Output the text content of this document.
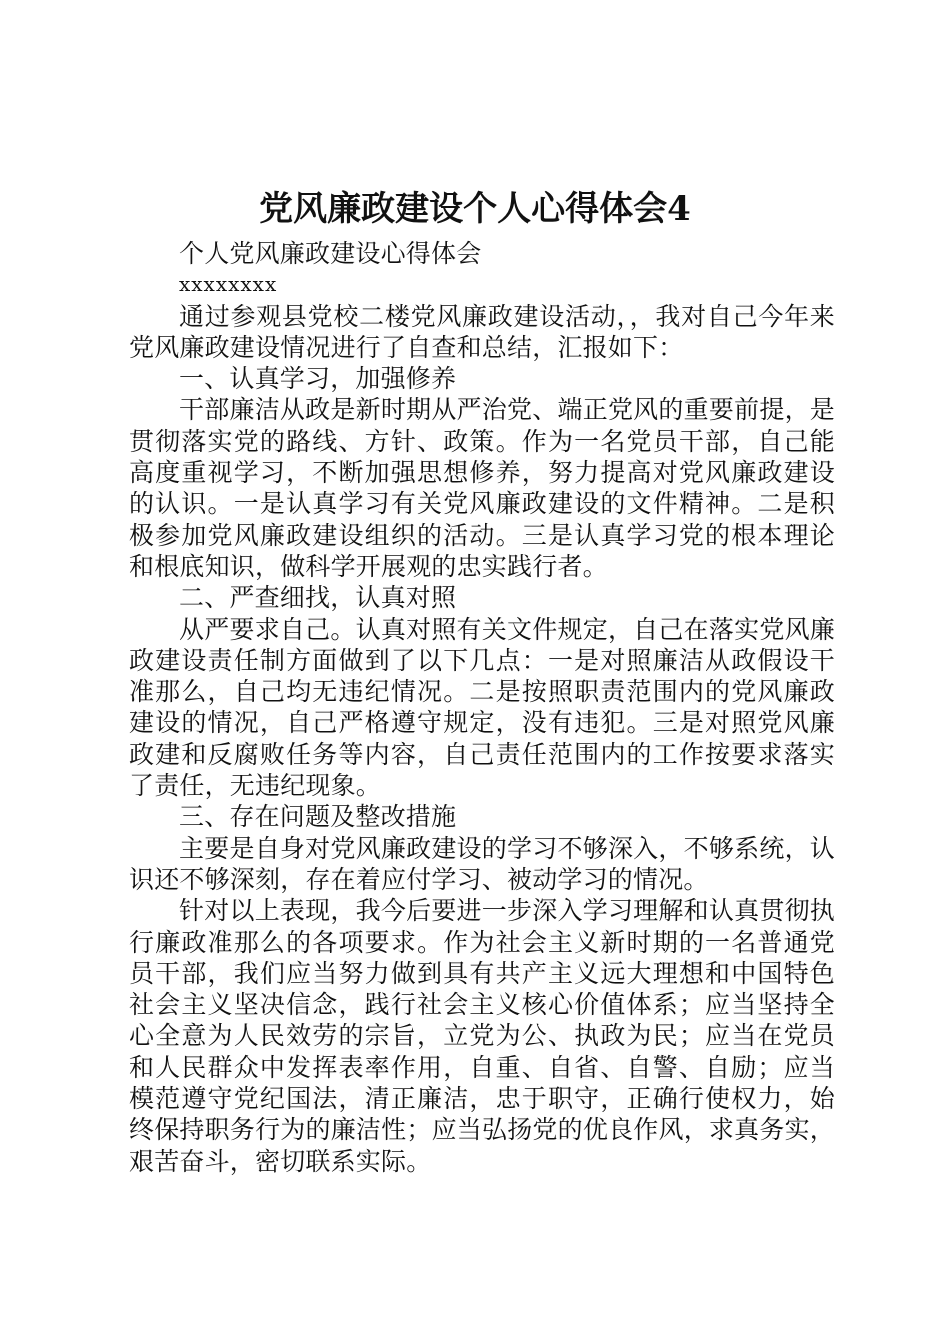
党风廉政建设个人心得体会4
个人党风廉政建设心得体会
xxxxxxxx
通过参观县党校二楼党风廉政建设活动，，我对自己今年来
党风廉政建设情况进行了自查和总结，汇报如下：
一、认真学习，加强修养
干部廉洁从政是新时期从严治党、端正党风的重要前提，是
贯彻落实党的路线、方针、政策。作为一名党员干部，自己能
高度重视学习，不断加强思想修养，努力提高对党风廉政建设
的认识。一是认真学习有关党风廉政建设的文件精神。二是积
极参加党风廉政建设组织的活动。三是认真学习党的根本理论
和根底知识，做科学开展观的忠实践行者。
二、严查细找，认真对照
从严要求自己。认真对照有关文件规定，自己在落实党风廉
政建设责任制方面做到了以下几点：一是对照廉洁从政假设干
准那么，自己均无违纪情况。二是按照职责范围内的党风廉政
建设的情况，自己严格遵守规定，没有违犯。三是对照党风廉
政建和反腐败任务等内容，自己责任范围内的工作按要求落实
了责任，无违纪现象。
三、存在问题及整改措施
主要是自身对党风廉政建设的学习不够深入，不够系统，认
识还不够深刻，存在着应付学习、被动学习的情况。
针对以上表现，我今后要进一步深入学习理解和认真贯彻执
行廉政准那么的各项要求。作为社会主义新时期的一名普通党
员干部，我们应当努力做到具有共产主义远大理想和中国特色
社会主义坚决信念，践行社会主义核心价值体系；应当坚持全
心全意为人民效劳的宗旨，立党为公、执政为民；应当在党员
和人民群众中发挥表率作用，自重、自省、自警、自励；应当
模范遵守党纪国法，清正廉洁，忠于职守，正确行使权力，始
终保持职务行为的廉洁性；应当弘扬党的优良作风，求真务实，
艰苦奋斗，密切联系实际。
